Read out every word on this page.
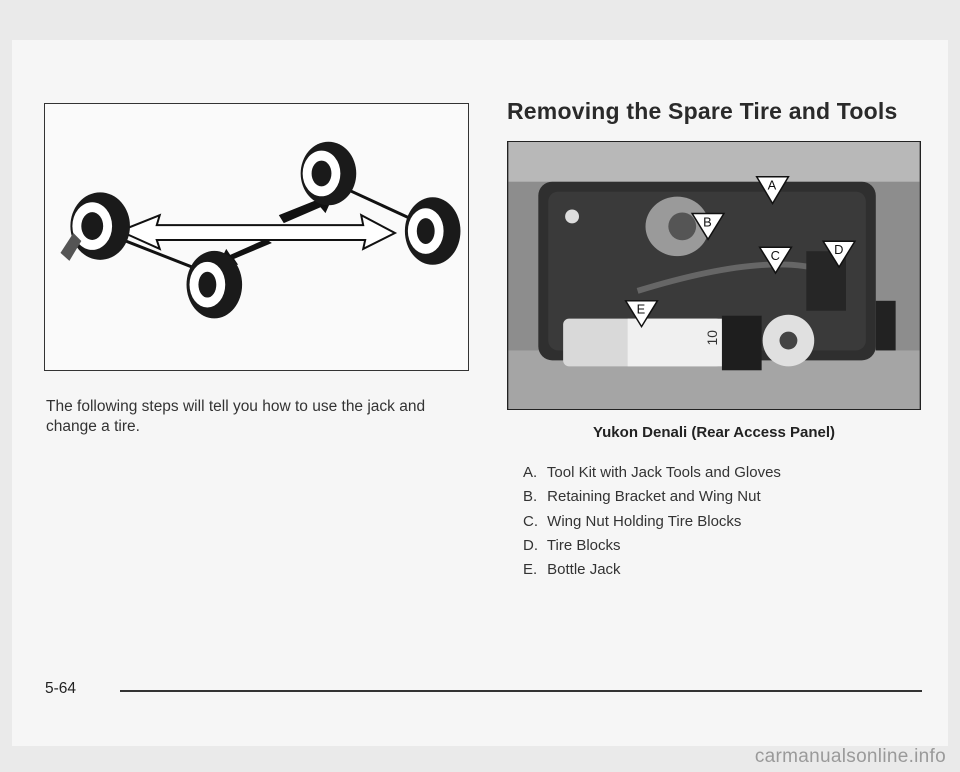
The following steps will tell you how to use the jack and change a tire.
Removing the Spare Tire and Tools
10
A
B
C	D
E
Yukon Denali (Rear Access Panel)
A. Tool Kit with Jack Tools and Gloves
B. Retaining Bracket and Wing Nut
C. Wing Nut Holding Tire Blocks
D. Tire Blocks
E. Bottle Jack
5-64
carmanualsonline.info
